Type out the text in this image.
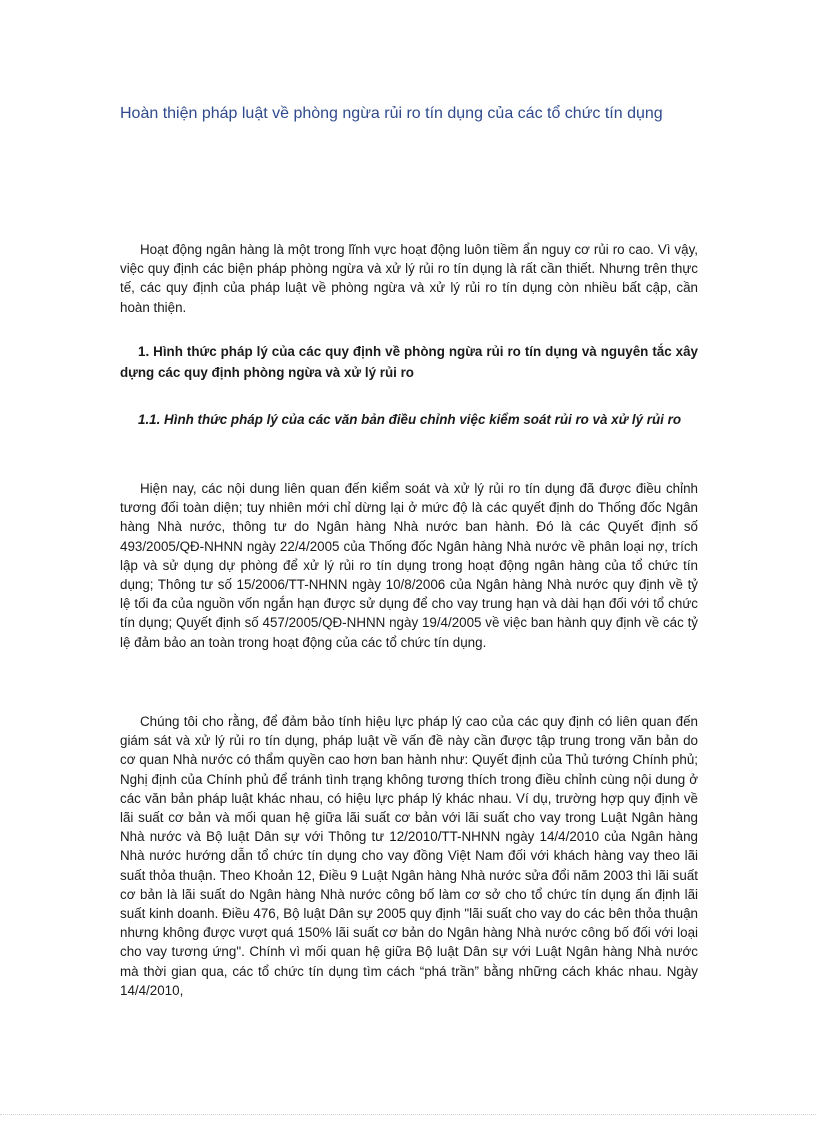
Hoàn thiện pháp luật về phòng ngừa rủi ro tín dụng của các tổ chức tín dụng

Hoạt động ngân hàng là một trong lĩnh vực hoạt động luôn tiềm ẩn nguy cơ rủi ro cao. Vì vậy, việc quy định các biện pháp phòng ngừa và xử lý rủi ro tín dụng là rất cần thiết. Nhưng trên thực tế, các quy định của pháp luật về phòng ngừa và xử lý rủi ro tín dụng còn nhiều bất cập, cần hoàn thiện.

1. Hình thức pháp lý của các quy định về phòng ngừa rủi ro tín dụng và nguyên tắc xây dựng các quy định phòng ngừa và xử lý rủi ro

1.1. Hình thức pháp lý của các văn bản điều chỉnh việc kiểm soát rủi ro và xử lý rủi ro

Hiện nay, các nội dung liên quan đến kiểm soát và xử lý rủi ro tín dụng đã được điều chỉnh tương đối toàn diện; tuy nhiên mới chỉ dừng lại ở mức độ là các quyết định do Thống đốc Ngân hàng Nhà nước, thông tư do Ngân hàng Nhà nước ban hành. Đó là các Quyết định số 493/2005/QĐ-NHNN ngày 22/4/2005 của Thống đốc Ngân hàng Nhà nước về phân loại nợ, trích lập và sử dụng dự phòng để xử lý rủi ro tín dụng trong hoạt động ngân hàng của tổ chức tín dụng; Thông tư số 15/2006/TT-NHNN ngày 10/8/2006 của Ngân hàng Nhà nước quy định về tỷ lệ tối đa của nguồn vốn ngắn hạn được sử dụng để cho vay trung hạn và dài hạn đối với tổ chức tín dụng; Quyết định số 457/2005/QĐ-NHNN ngày 19/4/2005 về việc ban hành quy định về các tỷ lệ đảm bảo an toàn trong hoạt động của các tổ chức tín dụng.

Chúng tôi cho rằng, để đảm bảo tính hiệu lực pháp lý cao của các quy định có liên quan đến giám sát và xử lý rủi ro tín dụng, pháp luật về vấn đề này cần được tập trung trong văn bản do cơ quan Nhà nước có thẩm quyền cao hơn ban hành như: Quyết định của Thủ tướng Chính phủ; Nghị định của Chính phủ để tránh tình trạng không tương thích trong điều chỉnh cùng nội dung ở các văn bản pháp luật khác nhau, có hiệu lực pháp lý khác nhau. Ví dụ, trường hợp quy định về lãi suất cơ bản và mối quan hệ giữa lãi suất cơ bản với lãi suất cho vay trong Luật Ngân hàng Nhà nước và Bộ luật Dân sự với Thông tư 12/2010/TT-NHNN ngày 14/4/2010 của Ngân hàng Nhà nước hướng dẫn tổ chức tín dụng cho vay đồng Việt Nam đối với khách hàng vay theo lãi suất thỏa thuận. Theo Khoản 12, Điều 9 Luật Ngân hàng Nhà nước sửa đổi năm 2003 thì lãi suất cơ bản là lãi suất do Ngân hàng Nhà nước công bố làm cơ sở cho tổ chức tín dụng ấn định lãi suất kinh doanh. Điều 476, Bộ luật Dân sự 2005 quy định "lãi suất cho vay do các bên thỏa thuận nhưng không được vượt quá 150% lãi suất cơ bản do Ngân hàng Nhà nước công bố đối với loại cho vay tương ứng". Chính vì mối quan hệ giữa Bộ luật Dân sự với Luật Ngân hàng Nhà nước mà thời gian qua, các tổ chức tín dụng tìm cách “phá trần” bằng những cách khác nhau. Ngày 14/4/2010,
